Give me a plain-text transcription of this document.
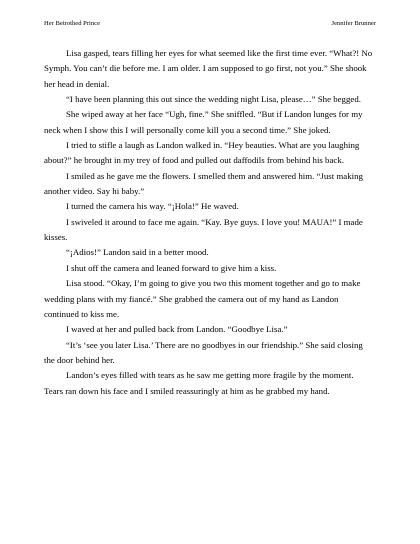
Her Betrothed Prince	Jennifer Brunner

Lisa gasped, tears filling her eyes for what seemed like the first time ever. “What?! No Symph. You can’t die before me. I am older. I am supposed to go first, not you.” She shook her head in denial.

“I have been planning this out since the wedding night Lisa, please…” She begged.

She wiped away at her face “Ugh, fine.” She sniffled. “But if Landon lunges for my neck when I show this I will personally come kill you a second time.” She joked.

I tried to stifle a laugh as Landon walked in. “Hey beauties. What are you laughing about?” he brought in my trey of food and pulled out daffodils from behind his back.

I smiled as he gave me the flowers. I smelled them and answered him. “Just making another video. Say hi baby.”

I turned the camera his way. “¡Hola!” He waved.

I swiveled it around to face me again. “Kay. Bye guys. I love you! MAUA!” I made kisses.

“¡Adios!” Landon said in a better mood.

I shut off the camera and leaned forward to give him a kiss.

Lisa stood. “Okay, I’m going to give you two this moment together and go to make wedding plans with my fiancé.” She grabbed the camera out of my hand as Landon continued to kiss me.

I waved at her and pulled back from Landon. “Goodbye Lisa.”

“It’s ‘see you later Lisa.’ There are no goodbyes in our friendship.” She said closing the door behind her.

Landon’s eyes filled with tears as he saw me getting more fragile by the moment. Tears ran down his face and I smiled reassuringly at him as he grabbed my hand.
